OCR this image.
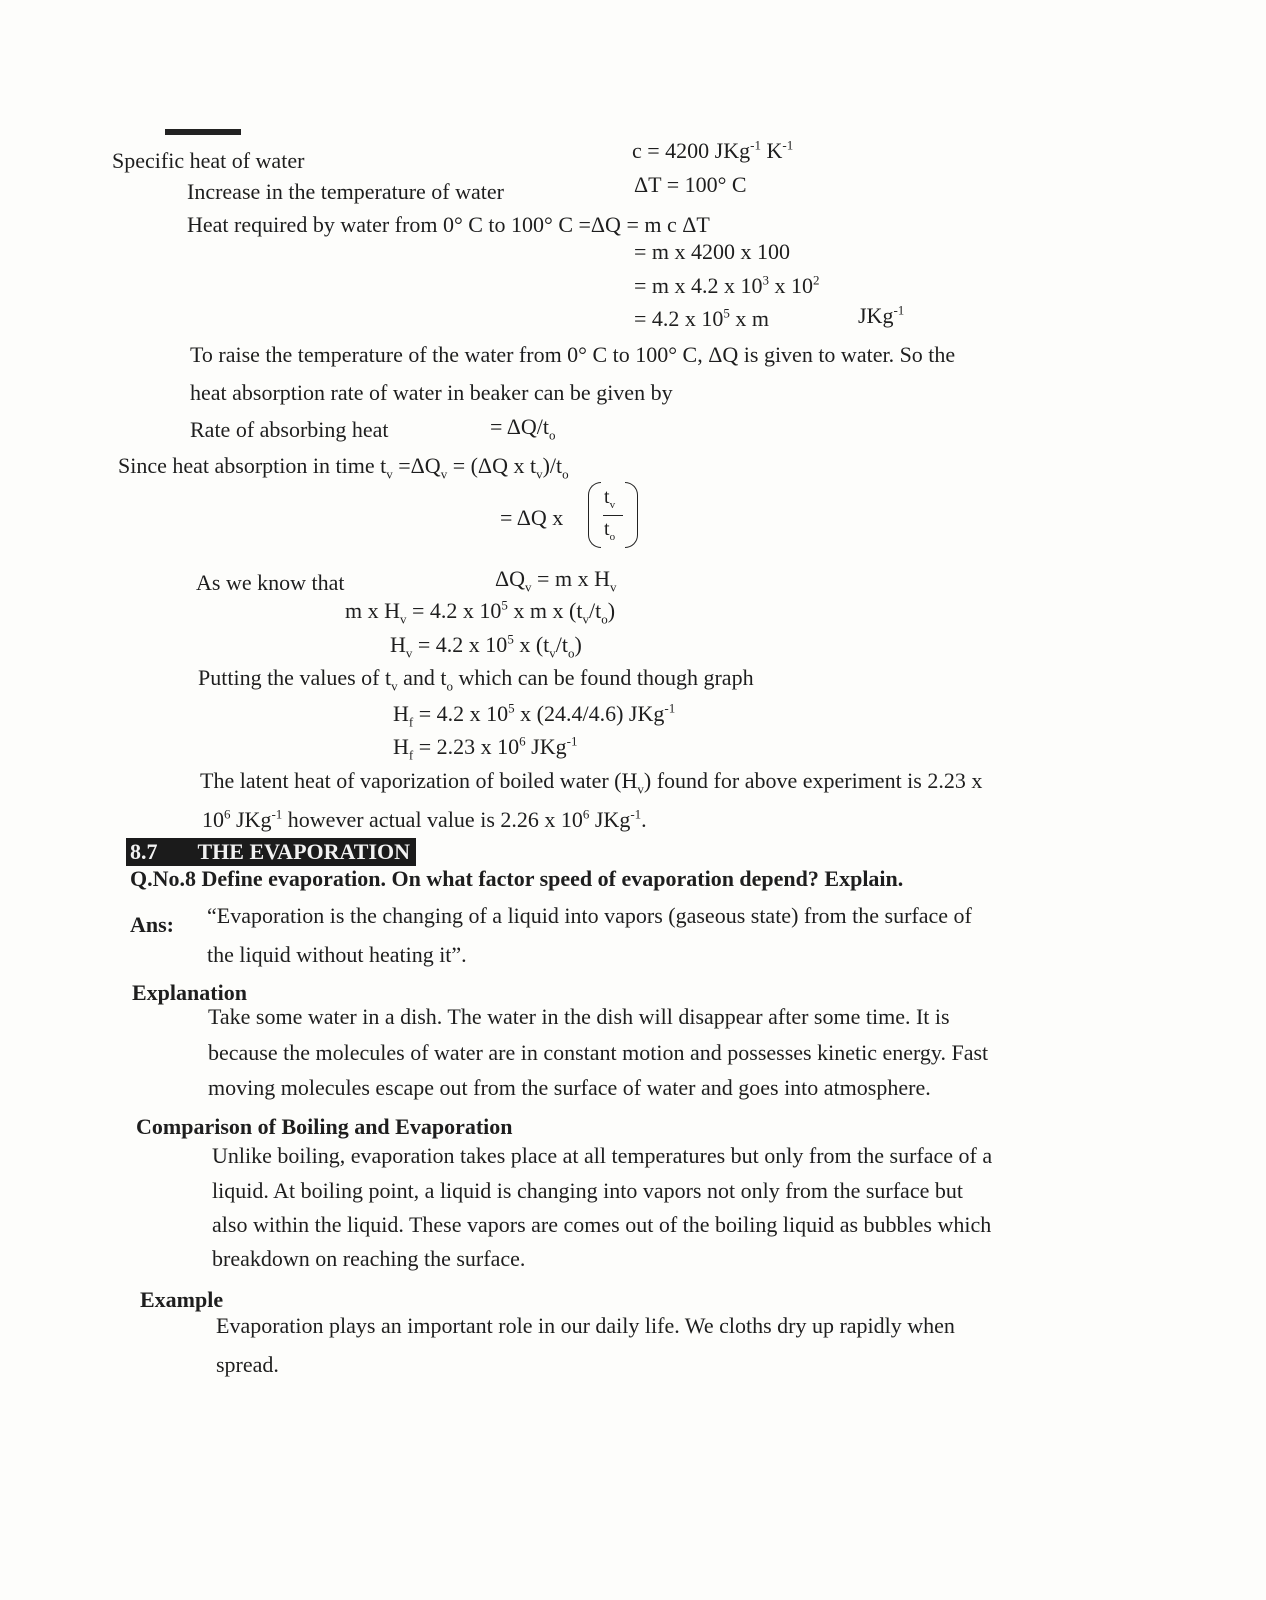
Specific heat of water	c = 4200 JKg$^{-1}$ $K^{-1}$
Increase in the temperature of water	ΔT = 100° C
Heat required by water from 0° C to 100° C =ΔQ = m c ΔT
= m x 4200 x 100
= m x 4.2 x $10^3$ x $10^2$
= 4.2 x $10^5$ x m	JKg$^{-1}$
To raise the temperature of the water from 0° C to 100° C, ΔQ is given to water. So the
heat absorption rate of water in beaker can be given by
Rate of absorbing heat	= $\Delta Q/t_o$
Since heat absorption in time $t_v =\Delta Q_v = (\Delta Q$ x $t_v)/t_o$
= ΔQ x
$t_v$
$t_o$
As we know that	$\Delta Q_v = m$ x $H_v$
m x $H_v = 4.2$ x $10^5$ x m x $(t_v/t_o)$
$H_v = 4.2$ x $10^5$ x $(t_v/t_o)$
Putting the values of $t_v$ and $t_o$ which can be found though graph
$H_f = 4.2$ x $10^5$ x (24.4/4.6) JKg$^{-1}$
$H_f = 2.23$ x $10^6$ JKg$^{-1}$
The latent heat of vaporization of boiled water $(H_v)$ found for above experiment is 2.23 x
$10^6$ JKg$^{-1}$ however actual value is 2.26 x $10^6$ JKg$^{-1}$.
8.7 THE EVAPORATION
Q.No.8 Define evaporation. On what factor speed of evaporation depend? Explain.
Ans: “Evaporation is the changing of a liquid into vapors (gaseous state) from the surface of
the liquid without heating it”.
Explanation
Take some water in a dish. The water in the dish will disappear after some time. It is
because the molecules of water are in constant motion and possesses kinetic energy. Fast
moving molecules escape out from the surface of water and goes into atmosphere.
Comparison of Boiling and Evaporation
Unlike boiling, evaporation takes place at all temperatures but only from the surface of a
liquid. At boiling point, a liquid is changing into vapors not only from the surface but
also within the liquid. These vapors are comes out of the boiling liquid as bubbles which
breakdown on reaching the surface.
Example
Evaporation plays an important role in our daily life. We cloths dry up rapidly when
spread.
